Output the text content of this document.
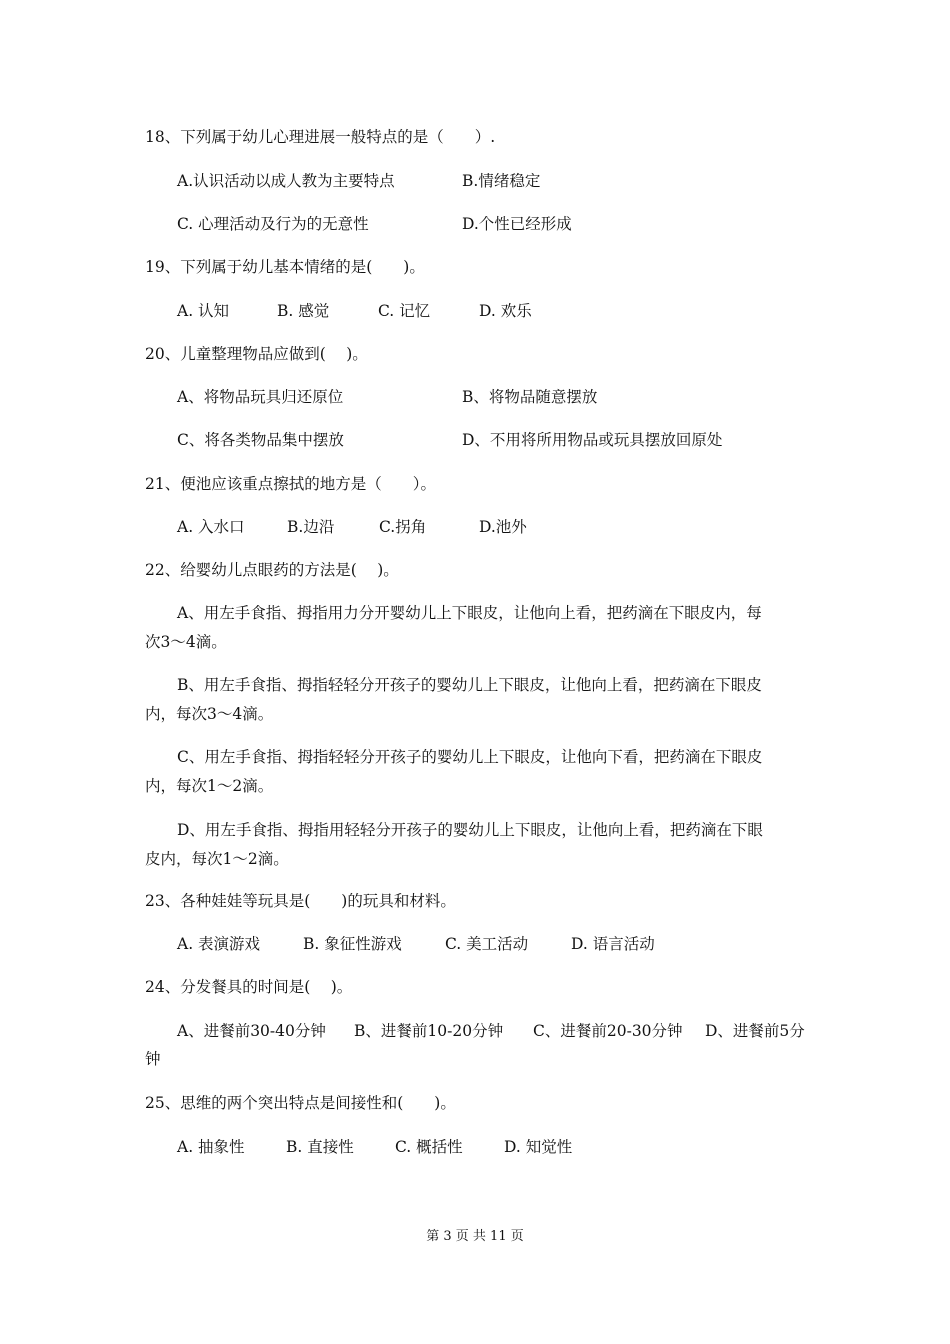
18、下列属于幼儿心理进展一般特点的是（　　）.
A.认识活动以成人教为主要特点	B.情绪稳定
C. 心理活动及行为的无意性	D.个性已经形成
19、下列属于幼儿基本情绪的是(　　)。
A. 认知	B. 感觉	C. 记忆	D. 欢乐
20、儿童整理物品应做到(　 )。
A、将物品玩具归还原位	B、将物品随意摆放
C、将各类物品集中摆放	D、不用将所用物品或玩具摆放回原处
21、便池应该重点擦拭的地方是（　　）。
A. 入水口	B.边沿	C.拐角	D.池外
22、给婴幼儿点眼药的方法是(　 )。
A、用左手食指、拇指用力分开婴幼儿上下眼皮，让他向上看，把药滴在下眼皮内，每
次3～4滴。
B、用左手食指、拇指轻轻分开孩子的婴幼儿上下眼皮，让他向上看，把药滴在下眼皮
内，每次3～4滴。
C、用左手食指、拇指轻轻分开孩子的婴幼儿上下眼皮，让他向下看，把药滴在下眼皮
内，每次1～2滴。
D、用左手食指、拇指用轻轻分开孩子的婴幼儿上下眼皮，让他向上看，把药滴在下眼
皮内，每次1～2滴。
23、各种娃娃等玩具是(　　)的玩具和材料。
A. 表演游戏	B. 象征性游戏	C. 美工活动	D. 语言活动
24、分发餐具的时间是(　 )。
A、进餐前30-40分钟 B、进餐前10-20分钟 C、进餐前20-30分钟 D、进餐前5分
钟
25、思维的两个突出特点是间接性和(　　)。
A. 抽象性	B. 直接性	C. 概括性	D. 知觉性
第 3 页 共 11 页
